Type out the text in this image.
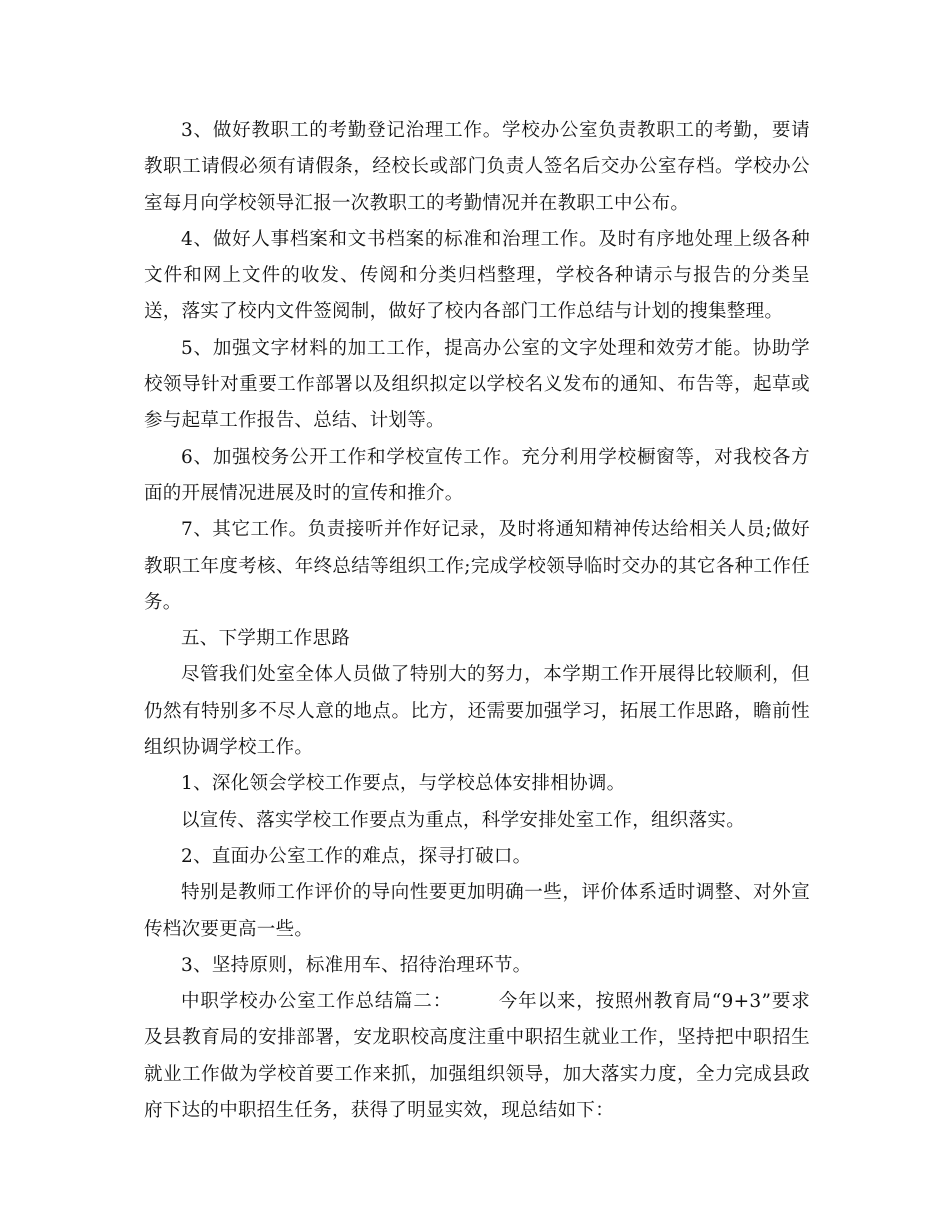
3、做好教职工的考勤登记治理工作。学校办公室负责教职工的考勤，要请教职工请假必须有请假条，经校长或部门负责人签名后交办公室存档。学校办公室每月向学校领导汇报一次教职工的考勤情况并在教职工中公布。

4、做好人事档案和文书档案的标准和治理工作。及时有序地处理上级各种文件和网上文件的收发、传阅和分类归档整理，学校各种请示与报告的分类呈送，落实了校内文件签阅制，做好了校内各部门工作总结与计划的搜集整理。

5、加强文字材料的加工工作，提高办公室的文字处理和效劳才能。协助学校领导针对重要工作部署以及组织拟定以学校名义发布的通知、布告等，起草或参与起草工作报告、总结、计划等。

6、加强校务公开工作和学校宣传工作。充分利用学校橱窗等，对我校各方面的开展情况进展及时的宣传和推介。

7、其它工作。负责接听并作好记录，及时将通知精神传达给相关人员;做好教职工年度考核、年终总结等组织工作;完成学校领导临时交办的其它各种工作任务。

五、下学期工作思路

尽管我们处室全体人员做了特别大的努力，本学期工作开展得比较顺利，但仍然有特别多不尽人意的地点。比方，还需要加强学习，拓展工作思路，瞻前性组织协调学校工作。

1、深化领会学校工作要点，与学校总体安排相协调。

以宣传、落实学校工作要点为重点，科学安排处室工作，组织落实。

2、直面办公室工作的难点，探寻打破口。

特别是教师工作评价的导向性要更加明确一些，评价体系适时调整、对外宣传档次要更高一些。

3、坚持原则，标准用车、招待治理环节。

中职学校办公室工作总结篇二： 今年以来，按照州教育局“9+3”要求及县教育局的安排部署，安龙职校高度注重中职招生就业工作，坚持把中职招生就业工作做为学校首要工作来抓，加强组织领导，加大落实力度，全力完成县政府下达的中职招生任务，获得了明显实效，现总结如下：
